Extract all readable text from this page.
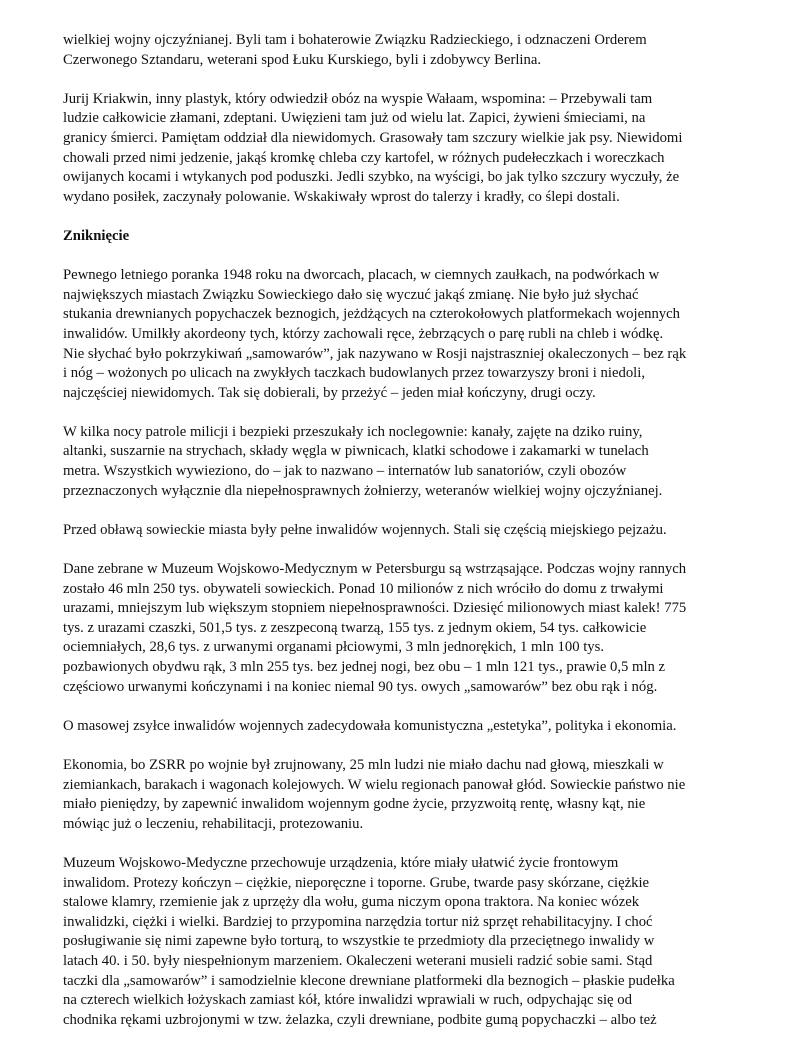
wielkiej wojny ojczyźnianej. Byli tam i bohaterowie Związku Radzieckiego, i odznaczeni Orderem
Czerwonego Sztandaru, weterani spod Łuku Kurskiego, byli i zdobywcy Berlina.
Jurij Kriakwin, inny plastyk, który odwiedził obóz na wyspie Wałaam, wspomina: – Przebywali tam
ludzie całkowicie złamani, zdeptani. Uwięzieni tam już od wielu lat. Zapici, żywieni śmieciami, na
granicy śmierci. Pamiętam oddział dla niewidomych. Grasowały tam szczury wielkie jak psy. Niewidomi
chowali przed nimi jedzenie, jakąś kromkę chleba czy kartofel, w różnych pudełeczkach i woreczkach
owijanych kocami i wtykanych pod poduszki. Jedli szybko, na wyścigi, bo jak tylko szczury wyczuły, że
wydano posiłek, zaczynały polowanie. Wskakiwały wprost do talerzy i kradły, co ślepi dostali.
Zniknięcie
Pewnego letniego poranka 1948 roku na dworcach, placach, w ciemnych zaułkach, na podwórkach w
największych miastach Związku Sowieckiego dało się wyczuć jakąś zmianę. Nie było już słychać
stukania drewnianych popychaczek beznogich, jeżdżących na czterokołowych platformekach wojennych
inwalidów. Umilkły akordeony tych, którzy zachowali ręce, żebrzących o parę rubli na chleb i wódkę.
Nie słychać było pokrzykiwań „samowarów”, jak nazywano w Rosji najstraszniej okaleczonych – bez rąk
i nóg – wożonych po ulicach na zwykłych taczkach budowlanych przez towarzyszy broni i niedoli,
najczęściej niewidomych. Tak się dobierali, by przeżyć – jeden miał kończyny, drugi oczy.
W kilka nocy patrole milicji i bezpieki przeszukały ich noclegownie: kanały, zajęte na dziko ruiny,
altanki, suszarnie na strychach, składy węgla w piwnicach, klatki schodowe i zakamarki w tunelach
metra. Wszystkich wywieziono, do – jak to nazwano – internatów lub sanatoriów, czyli obozów
przeznaczonych wyłącznie dla niepełnosprawnych żołnierzy, weteranów wielkiej wojny ojczyźnianej.
Przed obławą sowieckie miasta były pełne inwalidów wojennych. Stali się częścią miejskiego pejzażu.
Dane zebrane w Muzeum Wojskowo-Medycznym w Petersburgu są wstrząsające. Podczas wojny rannych
zostało 46 mln 250 tys. obywateli sowieckich. Ponad 10 milionów z nich wróciło do domu z trwałymi
urazami, mniejszym lub większym stopniem niepełnosprawności. Dziesięć milionowych miast kalek! 775
tys. z urazami czaszki, 501,5 tys. z zeszpeconą twarzą, 155 tys. z jednym okiem, 54 tys. całkowicie
ociemniałych, 28,6 tys. z urwanymi organami płciowymi, 3 mln jednorękich, 1 mln 100 tys.
pozbawionych obydwu rąk, 3 mln 255 tys. bez jednej nogi, bez obu – 1 mln 121 tys., prawie 0,5 mln z
częściowo urwanymi kończynami i na koniec niemal 90 tys. owych „samowarów” bez obu rąk i nóg.
O masowej zsyłce inwalidów wojennych zadecydowała komunistyczna „estetyka”, polityka i ekonomia.
Ekonomia, bo ZSRR po wojnie był zrujnowany, 25 mln ludzi nie miało dachu nad głową, mieszkali w
ziemiankach, barakach i wagonach kolejowych. W wielu regionach panował głód. Sowieckie państwo nie
miało pieniędzy, by zapewnić inwalidom wojennym godne życie, przyzwoitą rentę, własny kąt, nie
mówiąc już o leczeniu, rehabilitacji, protezowaniu.
Muzeum Wojskowo-Medyczne przechowuje urządzenia, które miały ułatwić życie frontowym
inwalidom. Protezy kończyn – ciężkie, nieporęczne i toporne. Grube, twarde pasy skórzane, ciężkie
stalowe klamry, rzemienie jak z uprzęży dla wołu, guma niczym opona traktora. Na koniec wózek
inwalidzki, ciężki i wielki. Bardziej to przypomina narzędzia tortur niż sprzęt rehabilitacyjny. I choć
posługiwanie się nimi zapewne było torturą, to wszystkie te przedmioty dla przeciętnego inwalidy w
latach 40. i 50. były niespełnionym marzeniem. Okaleczeni weterani musieli radzić sobie sami. Stąd
taczki dla „samowarów” i samodzielnie klecone drewniane platformeki dla beznogich – płaskie pudełka
na czterech wielkich łożyskach zamiast kół, które inwalidzi wprawiali w ruch, odpychając się od
chodnika rękami uzbrojonymi w tzw. żelazka, czyli drewniane, podbite gumą popychaczki – albo też
